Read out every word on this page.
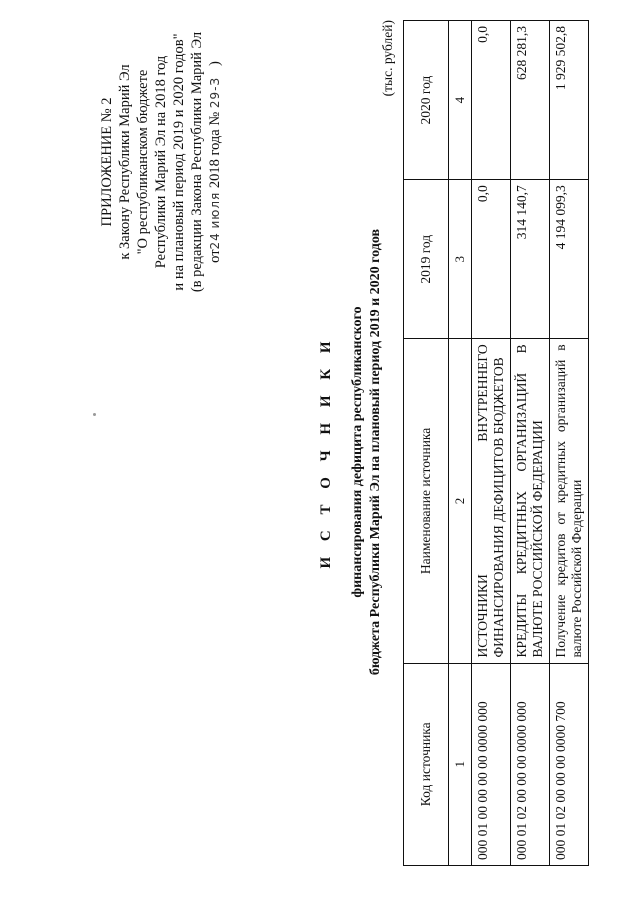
ПРИЛОЖЕНИЕ № 2 к Закону Республики Марий Эл "О республиканском бюджете Республики Марий Эл на 2018 год и на плановый период 2019 и 2020 годов" (в редакции Закона Республики Марий Эл от24 июля 2018 года № 29-З   )
И С Т О Ч Н И К И финансирования дефицита республиканского бюджета Республики Марий Эл на плановый период 2019 и 2020 годов
(тыс. рублей)
Код источника	Наименование источника	2019 год	2020 год
1	2	3	4
000 01 00 00 00 00 0000 000	ИСТОЧНИКИ ВНУТРЕННЕГО ФИНАНСИРОВАНИЯ ДЕФИЦИТОВ БЮДЖЕТОВ	0,0	0,0
000 01 02 00 00 00 0000 000	КРЕДИТЫ КРЕДИТНЫХ ОРГАНИЗАЦИЙ В ВАЛЮТЕ РОССИЙСКОЙ ФЕДЕРАЦИИ	314 140,7	628 281,3
000 01 02 00 00 00 0000 700	Получение кредитов от кредитных организаций в валюте Российской Федерации	4 194 099,3	1 929 502,8
